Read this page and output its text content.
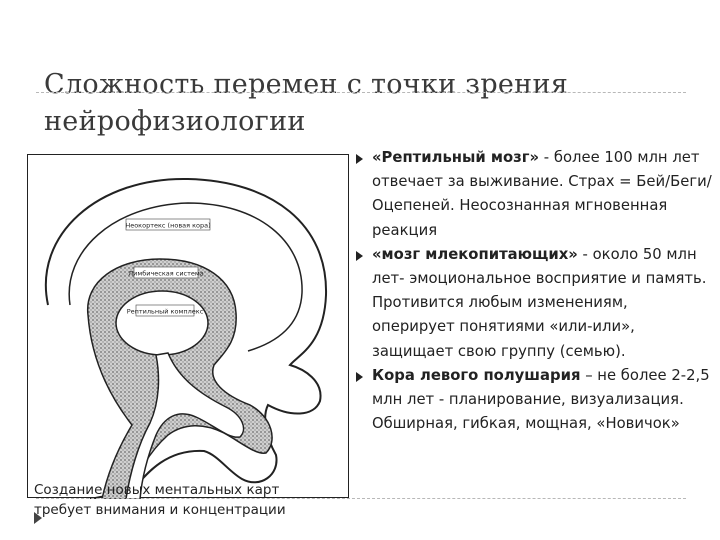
Сложность перемен с точки зрения нейрофизиологии
Неокортекс (новая кора)
Лимбическая система
Рептильный комплекс
Создание новых ментальных карт
требует внимания и концентрации
«Рептильный мозг» - более 100 млн лет отвечает за выживание. Страх = Бей/Беги/Оцепеней. Неосознанная мгновенная реакция
«мозг млекопитающих» - около 50 млн лет- эмоциональное восприятие и память. Противится любым изменениям, оперирует понятиями «или-или», защищает свою группу (семью).
Кора левого полушария – не более 2-2,5 млн лет - планирование, визуализация. Обширная, гибкая, мощная, «Новичок»
